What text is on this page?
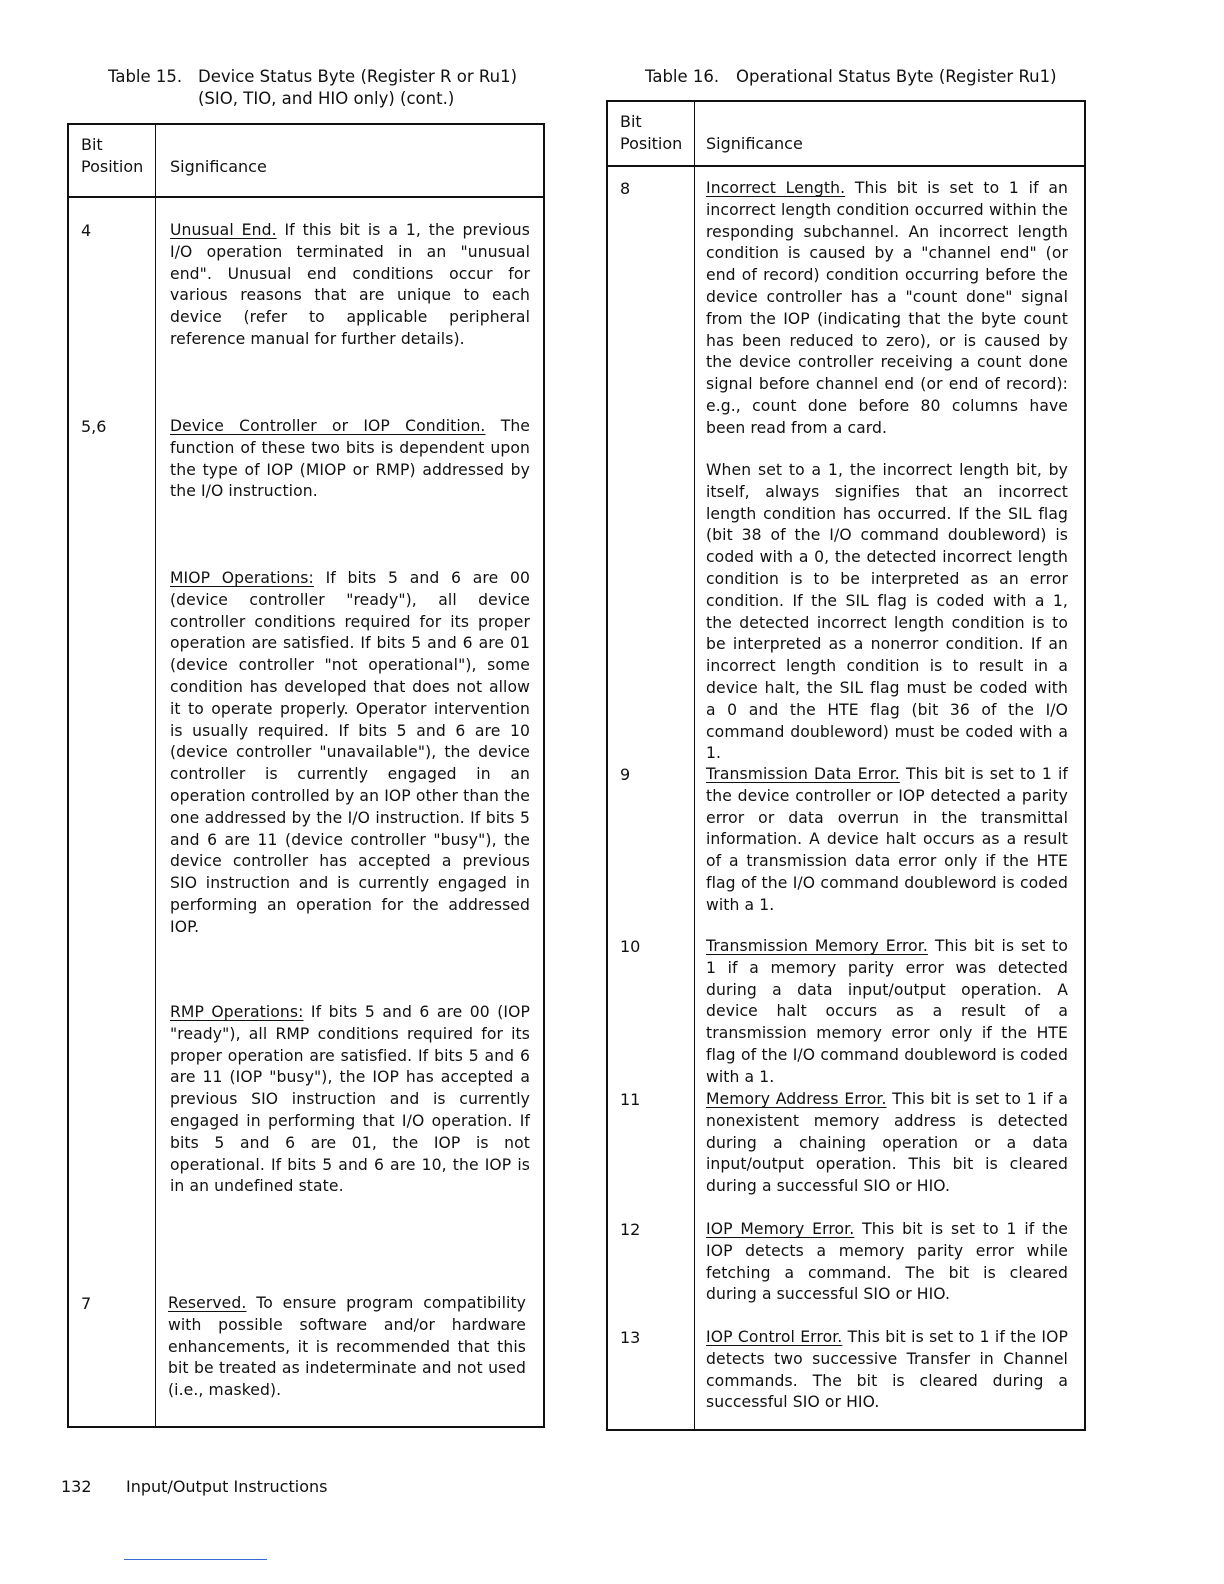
Table 15. Device Status Byte (Register R or Ru1)
(SIO, TIO, and HIO only) (cont.)
Bit
Position Significance
4	Unusual End. If this bit is a 1, the previous I/O operation terminated in an "unusual end". Unusual end conditions occur for various reasons that are unique to each device (refer to applicable peripheral reference manual for further details).
5,6	Device Controller or IOP Condition. The function of these two bits is dependent upon the type of IOP (MIOP or RMP) addressed by the I/O instruction.
MIOP Operations: If bits 5 and 6 are 00 (device controller "ready"), all device controller conditions required for its proper operation are satisfied. If bits 5 and 6 are 01 (device controller "not operational"), some condition has developed that does not allow it to operate properly. Operator intervention is usually required. If bits 5 and 6 are 10 (device controller "unavailable"), the device controller is currently engaged in an operation controlled by an IOP other than the one addressed by the I/O instruction. If bits 5 and 6 are 11 (device controller "busy"), the device controller has accepted a previous SIO instruction and is currently engaged in performing an operation for the addressed IOP.
RMP Operations: If bits 5 and 6 are 00 (IOP "ready"), all RMP conditions required for its proper operation are satisfied. If bits 5 and 6 are 11 (IOP "busy"), the IOP has accepted a previous SIO instruction and is currently engaged in performing that I/O operation. If bits 5 and 6 are 01, the IOP is not operational. If bits 5 and 6 are 10, the IOP is in an undefined state.
7	Reserved. To ensure program compatibility with possible software and/or hardware enhancements, it is recommended that this bit be treated as indeterminate and not used (i.e., masked).
Table 16. Operational Status Byte (Register Ru1)
Bit
Position Significance
8	Incorrect Length. This bit is set to 1 if an incorrect length condition occurred within the responding subchannel. An incorrect length condition is caused by a "channel end" (or end of record) condition occurring before the device controller has a "count done" signal from the IOP (indicating that the byte count has been reduced to zero), or is caused by the device controller receiving a count done signal before channel end (or end of record): e.g., count done before 80 columns have been read from a card.
When set to a 1, the incorrect length bit, by itself, always signifies that an incorrect length condition has occurred. If the SIL flag (bit 38 of the I/O command doubleword) is coded with a 0, the detected incorrect length condition is to be interpreted as an error condition. If the SIL flag is coded with a 1, the detected incorrect length condition is to be interpreted as a nonerror condition. If an incorrect length condition is to result in a device halt, the SIL flag must be coded with a 0 and the HTE flag (bit 36 of the I/O command doubleword) must be coded with a 1.
9	Transmission Data Error. This bit is set to 1 if the device controller or IOP detected a parity error or data overrun in the transmittal information. A device halt occurs as a result of a transmission data error only if the HTE flag of the I/O command doubleword is coded with a 1.
10	Transmission Memory Error. This bit is set to 1 if a memory parity error was detected during a data input/output operation. A device halt occurs as a result of a transmission memory error only if the HTE flag of the I/O command doubleword is coded with a 1.
11	Memory Address Error. This bit is set to 1 if a nonexistent memory address is detected during a chaining operation or a data input/output operation. This bit is cleared during a successful SIO or HIO.
12	IOP Memory Error. This bit is set to 1 if the IOP detects a memory parity error while fetching a command. The bit is cleared during a successful SIO or HIO.
13	IOP Control Error. This bit is set to 1 if the IOP detects two successive Transfer in Channel commands. The bit is cleared during a successful SIO or HIO.
132 Input/Output Instructions
